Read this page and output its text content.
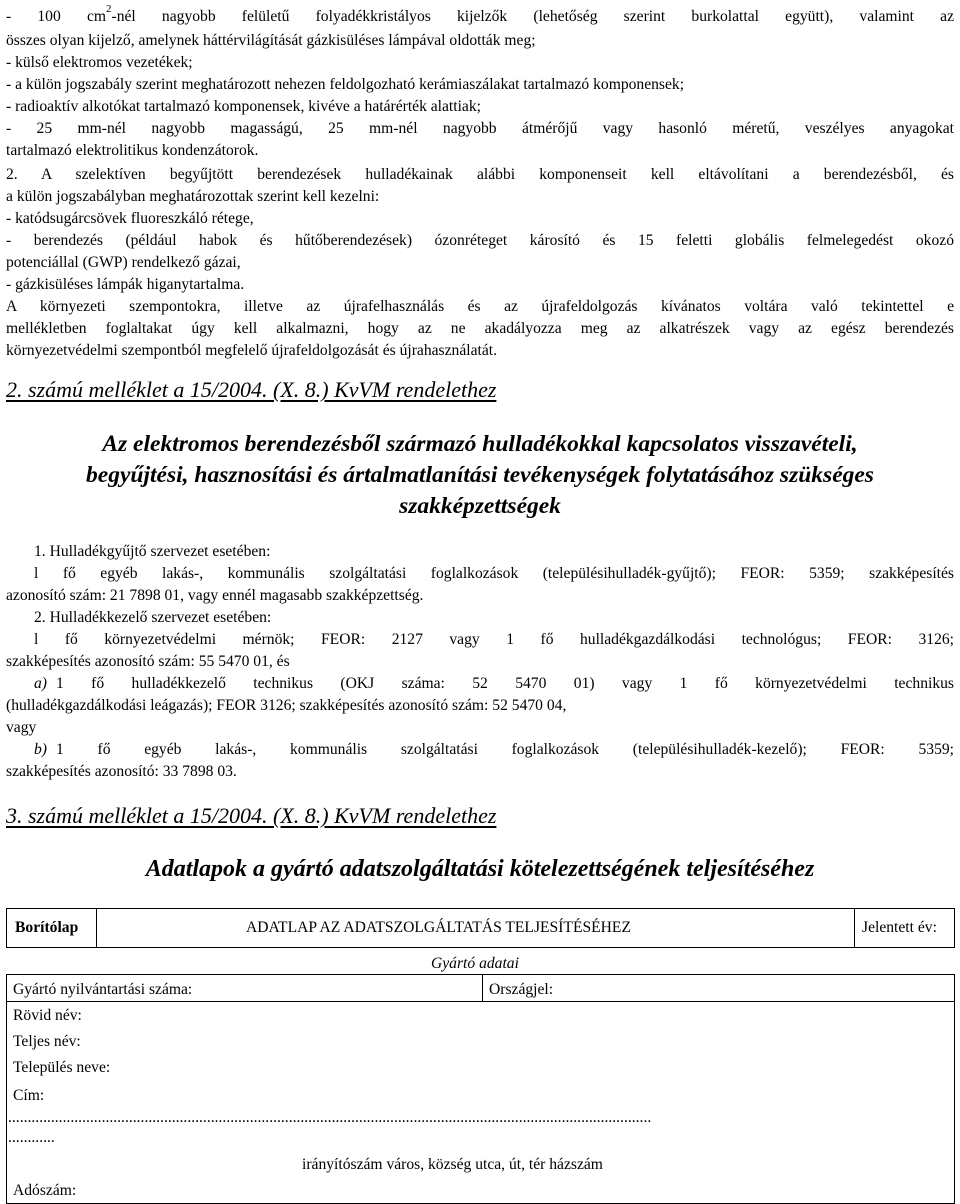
- 100 $cm^2$-nél nagyobb felületű folyadékkristályos kijelzők (lehetőség szerint burkolattal együtt), valamint az

összes olyan kijelző, amelynek háttérvilágítását gázkisüléses lámpával oldották meg;

- külső elektromos vezetékek;

- a külön jogszabály szerint meghatározott nehezen feldolgozható kerámiaszálakat tartalmazó komponensek;

- radioaktív alkotókat tartalmazó komponensek, kivéve a határérték alattiak;

- 25 mm-nél nagyobb magasságú, 25 mm-nél nagyobb átmérőjű vagy hasonló méretű, veszélyes anyagokat

tartalmazó elektrolitikus kondenzátorok.

2. A szelektíven begyűjtött berendezések hulladékainak alábbi komponenseit kell eltávolítani a berendezésből, és

a külön jogszabályban meghatározottak szerint kell kezelni:

- katódsugárcsövek fluoreszkáló rétege,

- berendezés (például habok és hűtőberendezések) ózonréteget károsító és 15 feletti globális felmelegedést okozó

potenciállal (GWP) rendelkező gázai,

- gázkisüléses lámpák higanytartalma.

A környezeti szempontokra, illetve az újrafelhasználás és az újrafeldolgozás kívánatos voltára való tekintettel e

mellékletben foglaltakat úgy kell alkalmazni, hogy az ne akadályozza meg az alkatrészek vagy az egész berendezés

környezetvédelmi szempontból megfelelő újrafeldolgozását és újrahasználatát.

2. számú melléklet a 15/2004. (X. 8.) KvVM rendelethez

Az elektromos berendezésből származó hulladékokkal kapcsolatos visszavételi,
begyűjtési, hasznosítási és ártalmatlanítási tevékenységek folytatásához szükséges
szakképzettségek

1. Hulladékgyűjtő szervezet esetében:

l fő egyéb lakás-, kommunális szolgáltatási foglalkozások (településihulladék-gyűjtő); FEOR: 5359; szakképesítés

azonosító szám: 21 7898 01, vagy ennél magasabb szakképzettség.

2. Hulladékkezelő szervezet esetében:

l fő környezetvédelmi mérnök; FEOR: 2127 vagy 1 fő hulladékgazdálkodási technológus; FEOR: 3126;

szakképesítés azonosító szám: 55 5470 01, és

a) 1 fő hulladékkezelő technikus (OKJ száma: 52 5470 01) vagy 1 fő környezetvédelmi technikus

(hulladékgazdálkodási leágazás); FEOR 3126; szakképesítés azonosító szám: 52 5470 04,

vagy

b) 1 fő egyéb lakás-, kommunális szolgáltatási foglalkozások (településihulladék-kezelő); FEOR: 5359;

szakképesítés azonosító: 33 7898 03.

3. számú melléklet a 15/2004. (X. 8.) KvVM rendelethez

Adatlapok a gyártó adatszolgáltatási kötelezettségének teljesítéséhez

Borítólap	ADATLAP AZ ADATSZOLGÁLTATÁS TELJESÍTÉSÉHEZ	Jelentett év:
Gyártó adatai
Gyártó nyilvántartási száma:	Országjel:
Rövid név:
Teljes név:
Település neve:
Cím:
.....................................................................................................................................................................
............
irányítószám város, község utca, út, tér házszám
Adószám:
